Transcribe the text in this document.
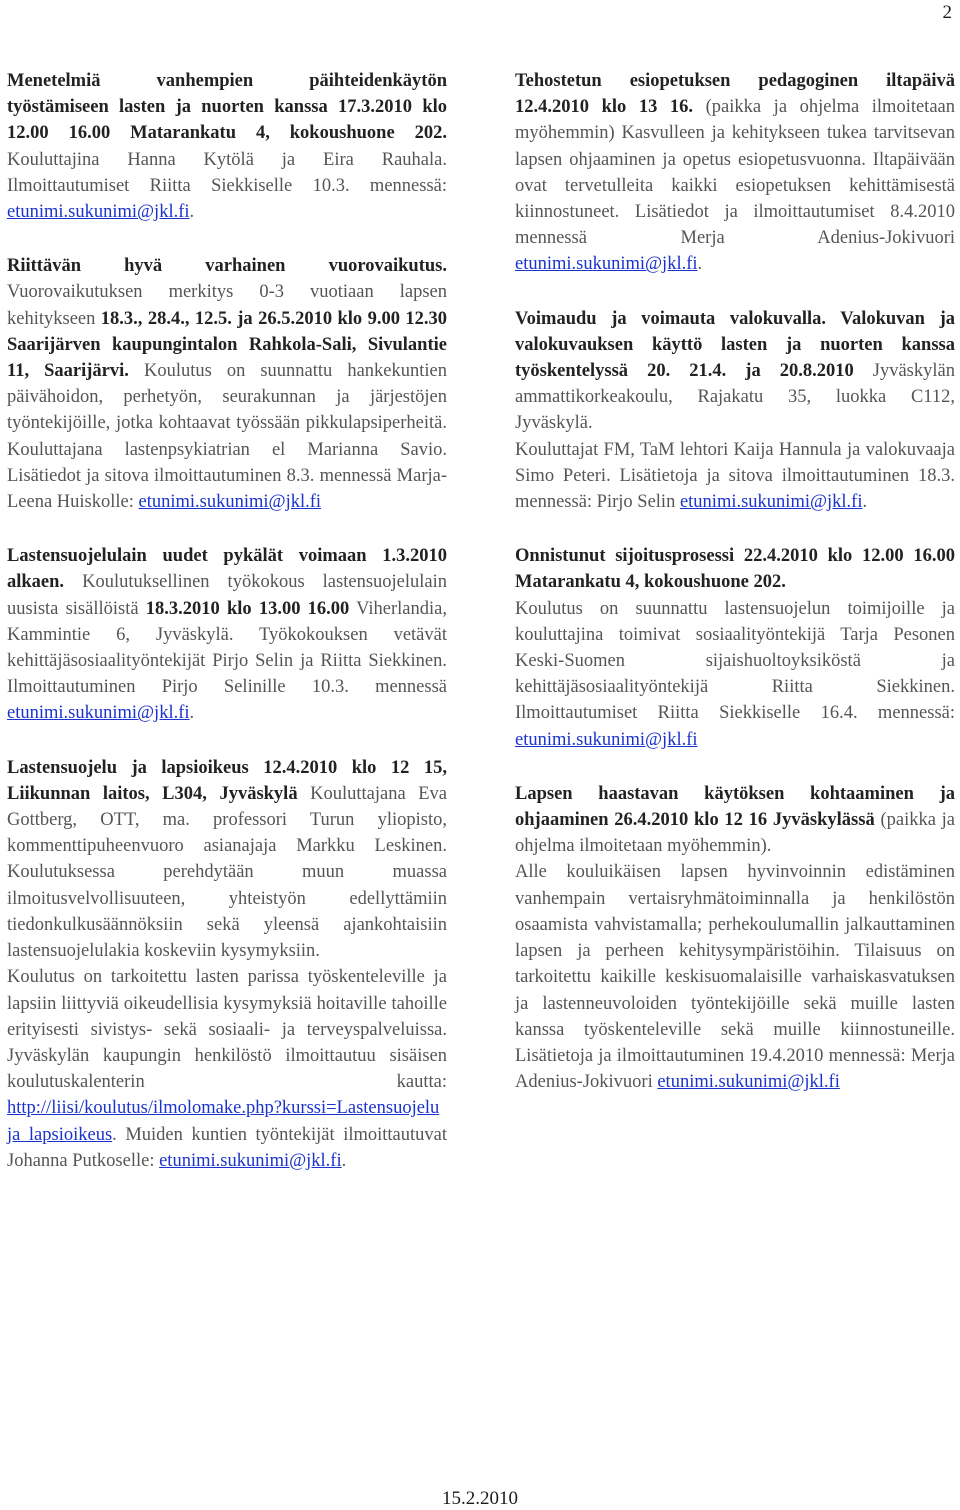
2

Menetelmiä vanhempien päihteidenkäytön työstämiseen lasten ja nuorten kanssa 17.3.2010 klo 12.00 16.00 Matarankatu 4, kokoushuone 202. Kouluttajina Hanna Kytölä ja Eira Rauhala. Ilmoittautumiset Riitta Siekkiselle 10.3. mennessä: etunimi.sukunimi@jkl.fi.

Riittävän hyvä varhainen vuorovaikutus. Vuorovaikutuksen merkitys 0-3 vuotiaan lapsen kehitykseen 18.3., 28.4., 12.5. ja 26.5.2010 klo 9.00 12.30 Saarijärven kaupungintalon Rahkola-Sali, Sivulantie 11, Saarijärvi. Koulutus on suunnattu hankekuntien päivähoidon, perhetyön, seurakunnan ja järjestöjen työntekijöille, jotka kohtaavat työssään pikkulapsiperheitä. Kouluttajana lastenpsykiatrian el Marianna Savio. Lisätiedot ja sitova ilmoittautuminen 8.3. mennessä Marja-Leena Huiskolle: etunimi.sukunimi@jkl.fi

Lastensuojelulain uudet pykälät voimaan 1.3.2010 alkaen. Koulutuksellinen työkokous lastensuojelulain uusista sisällöistä 18.3.2010 klo 13.00 16.00 Viherlandia, Kammintie 6, Jyväskylä. Työkokouksen vetävät kehittäjäsosiaalityöntekijät Pirjo Selin ja Riitta Siekkinen. Ilmoittautuminen Pirjo Selinille 10.3. mennessä etunimi.sukunimi@jkl.fi.

Lastensuojelu ja lapsioikeus 12.4.2010 klo 12 15, Liikunnan laitos, L304, Jyväskylä Kouluttajana Eva Gottberg, OTT, ma. professori Turun yliopisto, kommenttipuheenvuoro asianajaja Markku Leskinen. Koulutuksessa perehdytään muun muassa ilmoitusvelvollisuuteen, yhteistyön edellyttämiin tiedonkulkusäännöksiin sekä yleensä ajankohtaisiin lastensuojelulakia koskeviin kysymyksiin.

Koulutus on tarkoitettu lasten parissa työskenteleville ja lapsiin liittyviä oikeudellisia kysymyksiä hoitaville tahoille erityisesti sivistys- sekä sosiaali- ja terveyspalveluissa. Jyväskylän kaupungin henkilöstö ilmoittautuu sisäisen koulutuskalenterin kautta: http://liisi/koulutus/ilmolomake.php?kurssi=Lastensuojelu ja lapsioikeus. Muiden kuntien työntekijät ilmoittautuvat Johanna Putkoselle: etunimi.sukunimi@jkl.fi.

Tehostetun esiopetuksen pedagoginen iltapäivä 12.4.2010 klo 13 16. (paikka ja ohjelma ilmoitetaan myöhemmin) Kasvulleen ja kehitykseen tukea tarvitsevan lapsen ohjaaminen ja opetus esiopetusvuonna. Iltapäivään ovat tervetulleita kaikki esiopetuksen kehittämisestä kiinnostuneet. Lisätiedot ja ilmoittautumiset 8.4.2010 mennessä Merja Adenius-Jokivuori etunimi.sukunimi@jkl.fi.

Voimaudu ja voimauta valokuvalla. Valokuvan ja valokuvauksen käyttö lasten ja nuorten kanssa työskentelyssä 20. 21.4. ja 20.8.2010 Jyväskylän ammattikorkeakoulu, Rajakatu 35, luokka C112, Jyväskylä.

Kouluttajat FM, TaM lehtori Kaija Hannula ja valokuvaaja Simo Peteri. Lisätietoja ja sitova ilmoittautuminen 18.3. mennessä: Pirjo Selin etunimi.sukunimi@jkl.fi.

Onnistunut sijoitusprosessi 22.4.2010 klo 12.00 16.00 Matarankatu 4, kokoushuone 202.

Koulutus on suunnattu lastensuojelun toimijoille ja kouluttajina toimivat sosiaalityöntekijä Tarja Pesonen Keski-Suomen sijaishuoltoyksiköstä ja kehittäjäsosiaalityöntekijä Riitta Siekkinen. Ilmoittautumiset Riitta Siekkiselle 16.4. mennessä: etunimi.sukunimi@jkl.fi

Lapsen haastavan käytöksen kohtaaminen ja ohjaaminen 26.4.2010 klo 12 16 Jyväskylässä (paikka ja ohjelma ilmoitetaan myöhemmin).

Alle kouluikäisen lapsen hyvinvoinnin edistäminen vanhempain vertaisryhmätoiminnalla ja henkilöstön osaamista vahvistamalla; perhekoulumallin jalkauttaminen lapsen ja perheen kehitysympäristöihin. Tilaisuus on tarkoitettu kaikille keskisuomalaisille varhaiskasvatuksen ja lastenneuvoloiden työntekijöille sekä muille lasten kanssa työskenteleville sekä muille kiinnostuneille. Lisätietoja ja ilmoittautuminen 19.4.2010 mennessä: Merja Adenius-Jokivuori etunimi.sukunimi@jkl.fi

15.2.2010
